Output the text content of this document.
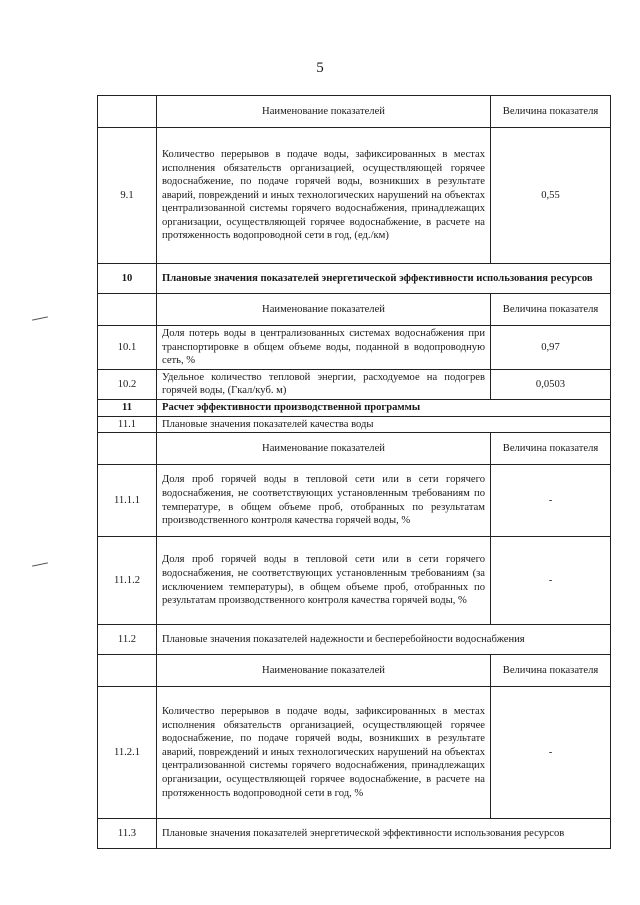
5
	Наименование показателей	Величина показателя
9.1	Количество перерывов в подаче воды, зафиксированных в местах исполнения обязательств организацией, осуществляющей горячее водоснабжение, по подаче горячей воды, возникших в результате аварий, повреждений и иных технологических нарушений на объектах централизованной системы горячего водоснабжения, принадлежащих организации, осуществляющей горячее водоснабжение, в расчете на протяженность водопроводной сети в год, (ед./км)	0,55
10	Плановые значения показателей энергетической эффективности использования ресурсов	
	Наименование показателей	Величина показателя
10.1	Доля потерь воды в централизованных системах водоснабжения при транспортировке в общем объеме воды, поданной в водопроводную сеть, %	0,97
10.2	Удельное количество тепловой энергии, расходуемое на подогрев горячей воды, (Гкал/куб. м)	0,0503
11	Расчет эффективности производственной программы	
11.1	Плановые значения показателей качества воды	
	Наименование показателей	Величина показателя
11.1.1	Доля проб горячей воды в тепловой сети или в сети горячего водоснабжения, не соответствующих установленным требованиям по температуре, в общем объеме проб, отобранных по результатам производственного контроля качества горячей воды, %	-
11.1.2	Доля проб горячей воды в тепловой сети или в сети горячего водоснабжения, не соответствующих установленным требованиям (за исключением температуры), в общем объеме проб, отобранных по результатам производственного контроля качества горячей воды, %	-
11.2	Плановые значения показателей надежности и бесперебойности водоснабжения	
	Наименование показателей	Величина показателя
11.2.1	Количество перерывов в подаче воды, зафиксированных в местах исполнения обязательств организацией, осуществляющей горячее водоснабжение, по подаче горячей воды, возникших в результате аварий, повреждений и иных технологических нарушений на объектах централизованной системы горячего водоснабжения, принадлежащих организации, осуществляющей горячее водоснабжение, в расчете на протяженность водопроводной сети в год, %	-
11.3	Плановые значения показателей энергетической эффективности использования ресурсов	
